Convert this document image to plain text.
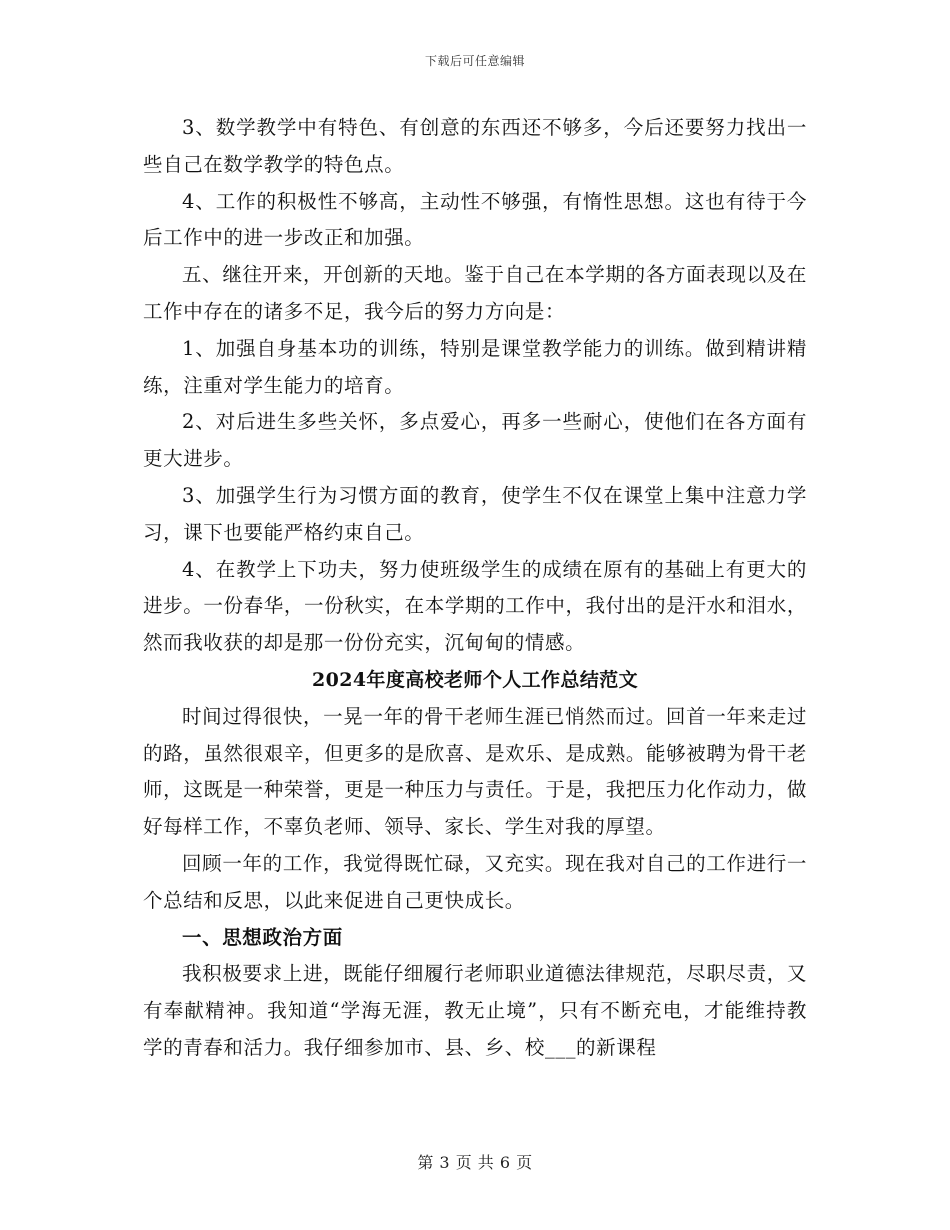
下载后可任意编辑

3、数学教学中有特色、有创意的东西还不够多，今后还要努力找出一些自己在数学教学的特色点。

4、工作的积极性不够高，主动性不够强，有惰性思想。这也有待于今后工作中的进一步改正和加强。

五、继往开来，开创新的天地。鉴于自己在本学期的各方面表现以及在工作中存在的诸多不足，我今后的努力方向是：

1、加强自身基本功的训练，特别是课堂教学能力的训练。做到精讲精练，注重对学生能力的培育。

2、对后进生多些关怀，多点爱心，再多一些耐心，使他们在各方面有更大进步。

3、加强学生行为习惯方面的教育，使学生不仅在课堂上集中注意力学习，课下也要能严格约束自己。

4、在教学上下功夫，努力使班级学生的成绩在原有的基础上有更大的进步。一份春华，一份秋实，在本学期的工作中，我付出的是汗水和泪水，然而我收获的却是那一份份充实，沉甸甸的情感。

2024年度高校老师个人工作总结范文

时间过得很快，一晃一年的骨干老师生涯已悄然而过。回首一年来走过的路，虽然很艰辛，但更多的是欣喜、是欢乐、是成熟。能够被聘为骨干老师，这既是一种荣誉，更是一种压力与责任。于是，我把压力化作动力，做好每样工作，不辜负老师、领导、家长、学生对我的厚望。

回顾一年的工作，我觉得既忙碌，又充实。现在我对自己的工作进行一个总结和反思，以此来促进自己更快成长。

一、思想政治方面

我积极要求上进，既能仔细履行老师职业道德法律规范，尽职尽责，又有奉献精神。我知道“学海无涯，教无止境”，只有不断充电，才能维持教学的青春和活力。我仔细参加市、县、乡、校___的新课程

第 3 页 共 6 页
